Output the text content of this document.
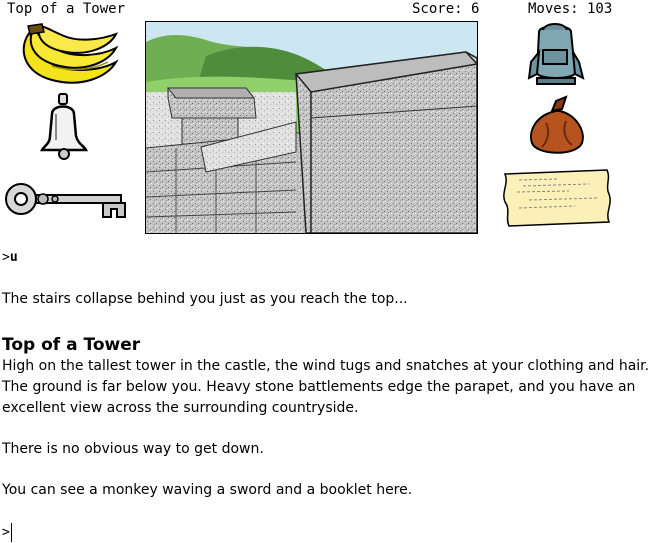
Top of a Tower	Score: 6	Moves: 103

>u

The stairs collapse behind you just as you reach the top...

Top of a Tower

High on the tallest tower in the castle, the wind tugs and snatches at your clothing and hair. The ground is far below you. Heavy stone battlements edge the parapet, and you have an excellent view across the surrounding countryside.

There is no obvious way to get down.

You can see a monkey waving a sword and a booklet here.

>
